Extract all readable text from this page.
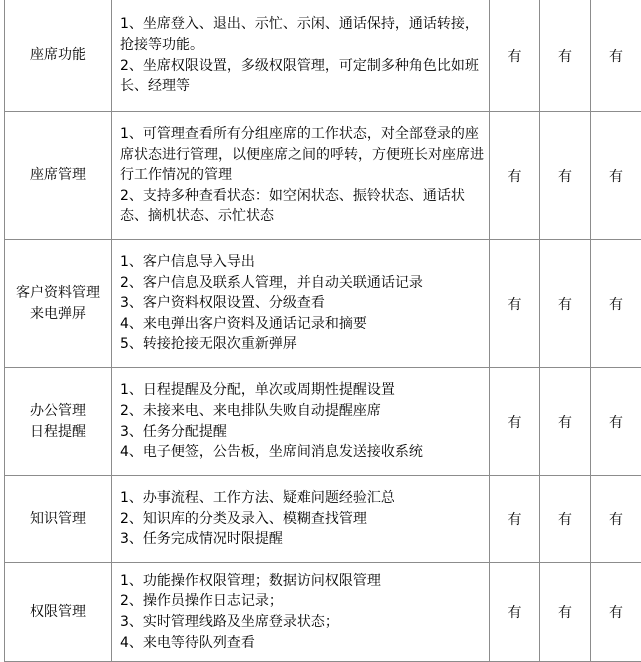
座席功能	1、坐席登入、退出、示忙、示闲、通话保持，通话转接，抢接等功能。
2、坐席权限设置，多级权限管理，可定制多种角色比如班长、经理等	有	有	有

座席管理	1、可管理查看所有分组座席的工作状态，对全部登录的座席状态进行管理，以便座席之间的呼转，方便班长对座席进行工作情况的管理
2、支持多种查看状态：如空闲状态、振铃状态、通话状态、摘机状态、示忙状态	有	有	有

客户资料管理
来电弹屏	1、客户信息导入导出
2、客户信息及联系人管理，并自动关联通话记录
3、客户资料权限设置、分级查看
4、来电弹出客户资料及通话记录和摘要
5、转接抢接无限次重新弹屏	有	有	有

办公管理
日程提醒	1、日程提醒及分配，单次或周期性提醒设置
2、未接来电、来电排队失败自动提醒座席
3、任务分配提醒
4、电子便签，公告板，坐席间消息发送接收系统	有	有	有

知识管理	1、办事流程、工作方法、疑难问题经验汇总
2、知识库的分类及录入、模糊查找管理
3、任务完成情况时限提醒	有	有	有

权限管理	1、功能操作权限管理；数据访问权限管理
2、操作员操作日志记录；
3、实时管理线路及坐席登录状态；
4、来电等待队列查看	有	有	有
